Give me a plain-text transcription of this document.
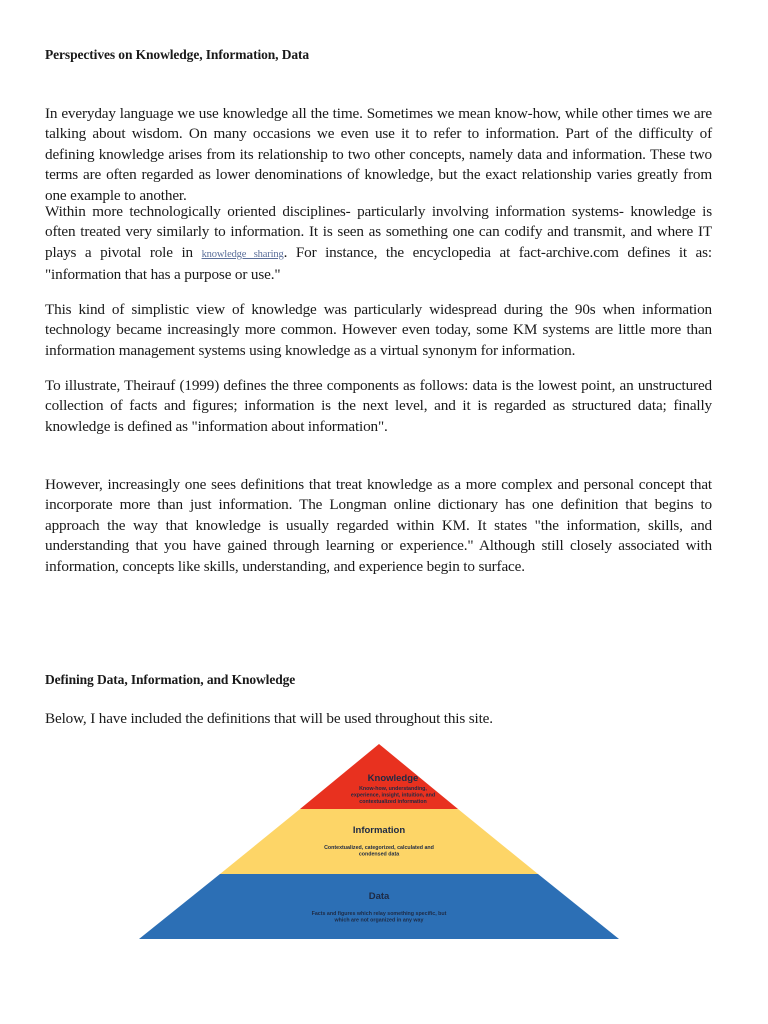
Perspectives on Knowledge, Information, Data
In everyday language we use knowledge all the time. Sometimes we mean know-how, while other times we are talking about wisdom. On many occasions we even use it to refer to information. Part of the difficulty of defining knowledge arises from its relationship to two other concepts, namely data and information. These two terms are often regarded as lower denominations of knowledge, but the exact relationship varies greatly from one example to another.
Within more technologically oriented disciplines- particularly involving information systems- knowledge is often treated very similarly to information. It is seen as something one can codify and transmit, and where IT plays a pivotal role in knowledge sharing. For instance, the encyclopedia at fact-archive.com defines it as: "information that has a purpose or use."
This kind of simplistic view of knowledge was particularly widespread during the 90s when information technology became increasingly more common. However even today, some KM systems are little more than information management systems using knowledge as a virtual synonym for information.
To illustrate, Theirauf (1999) defines the three components as follows: data is the lowest point, an unstructured collection of facts and figures; information is the next level, and it is regarded as structured data; finally knowledge is defined as "information about information".
However, increasingly one sees definitions that treat knowledge as a more complex and personal concept that incorporate more than just information. The Longman online dictionary has one definition that begins to approach the way that knowledge is usually regarded within KM. It states "the information, skills, and understanding that you have gained through learning or experience." Although still closely associated with information, concepts like skills, understanding, and experience begin to surface.
Defining Data, Information, and Knowledge
Below, I have included the definitions that will be used throughout this site.
Knowledge
Know-how, understanding,
experience, insight, intuition, and
contextualized information
Information
Contextualized, categorized, calculated and
condensed data
Data
Facts and figures which relay something specific, but
which are not organized in any way
